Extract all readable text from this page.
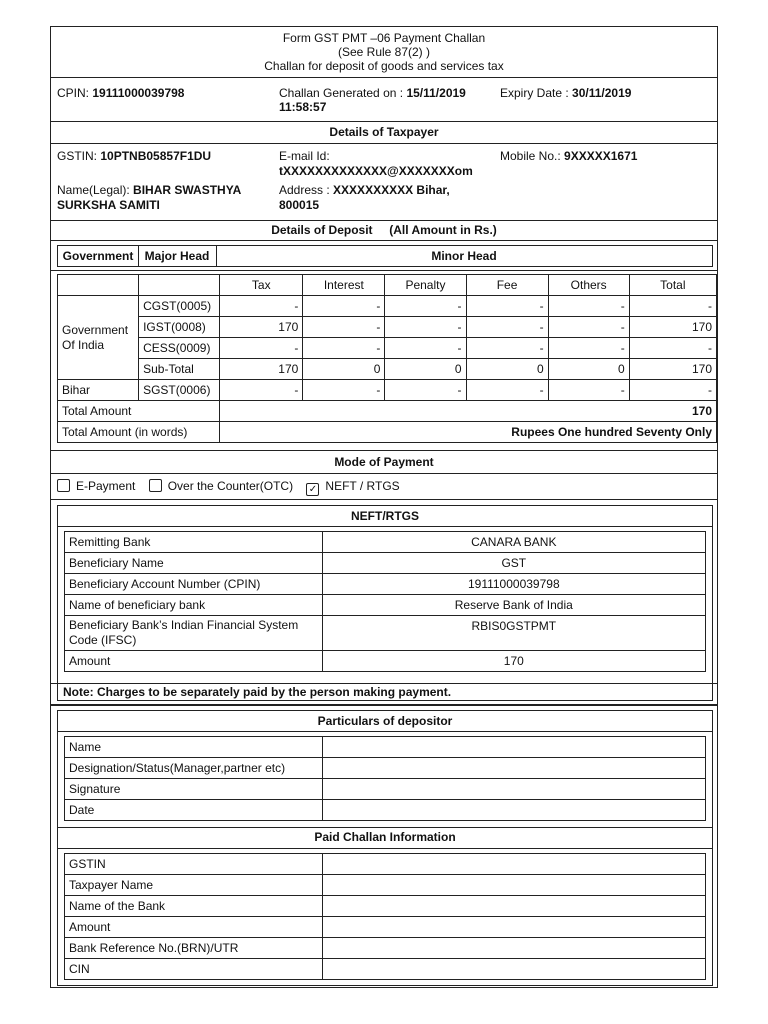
Form GST PMT –06 Payment Challan
(See Rule 87(2) )
Challan for deposit of goods and services tax
CPIN: 19111000039798	Challan Generated on : 15/11/2019
11:58:57
Expiry Date : 30/11/2019
Details of Taxpayer
GSTIN: 10PTNB05857F1DU	E-mail Id:
tXXXXXXXXXXXXX@XXXXXXXom
Mobile No.: 9XXXXX1671
Name(Legal): BIHAR SWASTHYA
SURKSHA SAMITI
Address : XXXXXXXXXX Bihar,
800015
Details of Deposit (All Amount in Rs.)
Government Major Head	Minor Head
		Tax	Interest	Penalty	Fee	Others	Total
Government Of India	CGST(0005)	-	-	-	-	-	-
	IGST(0008)	170	-	-	-	-	170
	CESS(0009)	-	-	-	-	-	-
	Sub-Total	170	0	0	0	0	170
Bihar	SGST(0006)	-	-	-	-	-	-
Total Amount		170					
Total Amount (in words)		Rupees One hundred Seventy Only					
Mode of Payment
E-Payment	Over the Counter(OTC) ✓ NEFT / RTGS
NEFT/RTGS
Remitting Bank	CANARA BANK
Beneficiary Name	GST
Beneficiary Account Number (CPIN)	19111000039798
Name of beneficiary bank	Reserve Bank of India
Beneficiary Bank’s Indian Financial System Code (IFSC)	RBIS0GSTPMT
Amount	170
Note: Charges to be separately paid by the person making payment.
Particulars of depositor
Name	
Designation/Status(Manager,partner etc)	
Signature	
Date	
Paid Challan Information
GSTIN	
Taxpayer Name	
Name of the Bank	
Amount	
Bank Reference No.(BRN)/UTR	
CIN	
